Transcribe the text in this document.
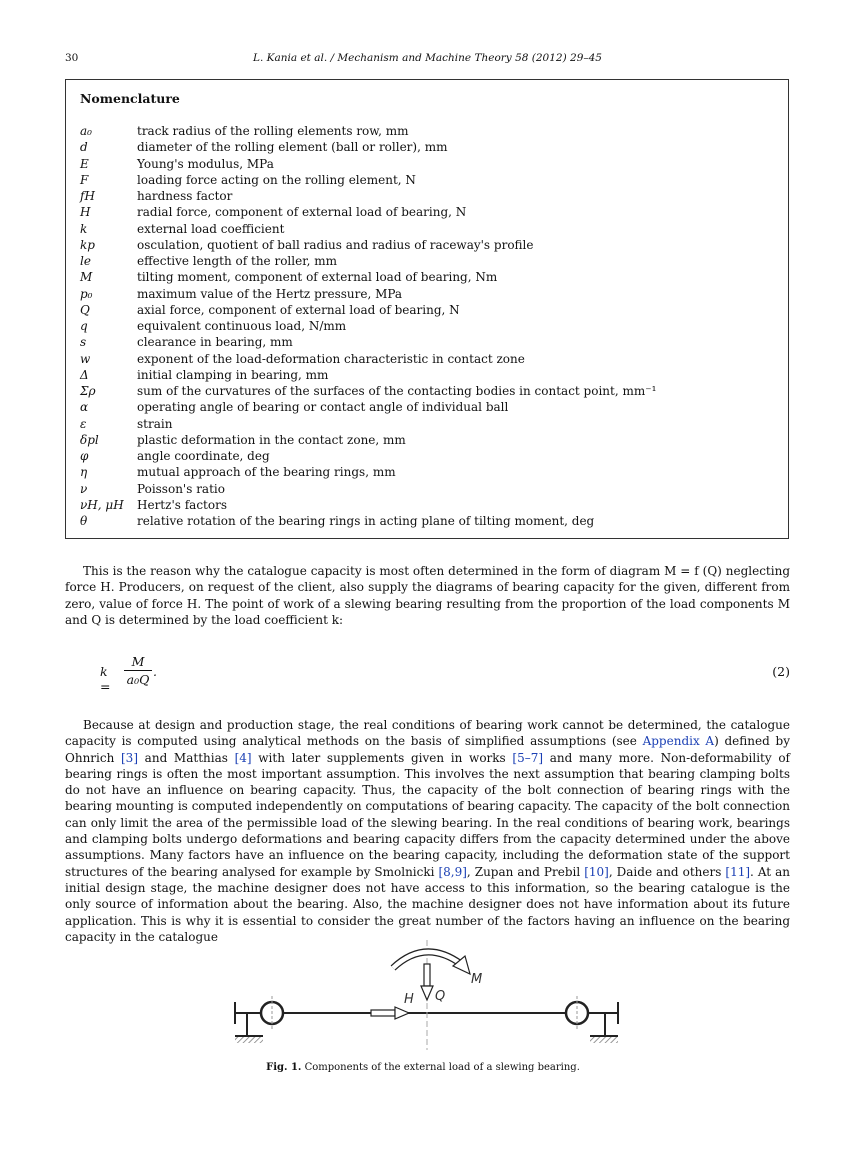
30	L. Kania et al. / Mechanism and Machine Theory 58 (2012) 29–45
Nomenclature
a₀	track radius of the rolling elements row, mm
d	diameter of the rolling element (ball or roller), mm
E	Young's modulus, MPa
F	loading force acting on the rolling element, N
fH	hardness factor
H	radial force, component of external load of bearing, N
k	external load coefficient
kp	osculation, quotient of ball radius and radius of raceway's profile
le	effective length of the roller, mm
M	tilting moment, component of external load of bearing, Nm
p₀	maximum value of the Hertz pressure, MPa
Q	axial force, component of external load of bearing, N
q	equivalent continuous load, N/mm
s	clearance in bearing, mm
w	exponent of the load-deformation characteristic in contact zone
Δ	initial clamping in bearing, mm
Σρ	sum of the curvatures of the surfaces of the contacting bodies in contact point, mm⁻¹
α	operating angle of bearing or contact angle of individual ball
ε	strain
δpl	plastic deformation in the contact zone, mm
φ	angle coordinate, deg
η	mutual approach of the bearing rings, mm
ν	Poisson's ratio
νH, μH Hertz's factors
θ	relative rotation of the bearing rings in acting plane of tilting moment, deg

This is the reason why the catalogue capacity is most often determined in the form of diagram M = f (Q) neglecting force H. Producers, on request of the client, also supply the diagrams of bearing capacity for the given, different from zero, value of force H. The point of work of a slewing bearing resulting from the proportion of the load components M and Q is determined by the load coefficient k:

$k = \frac{M}{\text{a₀Q}}$ .	(2)

Because at design and production stage, the real conditions of bearing work cannot be determined, the catalogue capacity is computed using analytical methods on the basis of simplified assumptions (see Appendix A) defined by Ohnrich [3] and Matthias [4] with later supplements given in works [5–7] and many more. Non-deformability of bearing rings is often the most important assumption. This involves the next assumption that bearing clamping bolts do not have an influence on bearing capacity. Thus, the capacity of the bolt connection of bearing rings with the bearing mounting is computed independently on computations of bearing capacity. The capacity of the bolt connection can only limit the area of the permissible load of the slewing bearing. In the real conditions of bearing work, bearings and clamping bolts undergo deformations and bearing capacity differs from the capacity determined under the above assumptions. Many factors have an influence on the bearing capacity, including the deformation state of the support structures of the bearing analysed for example by Smolnicki [8,9], Zupan and Prebil [10], Daide and others [11]. At an initial design stage, the machine designer does not have access to this information, so the bearing catalogue is the only source of information about the bearing. Also, the machine designer does not have information about its future application. This is why it is essential to consider the great number of the factors having an influence on the bearing capacity in the catalogue

H Q
M
Fig. 1. Components of the external load of a slewing bearing.
